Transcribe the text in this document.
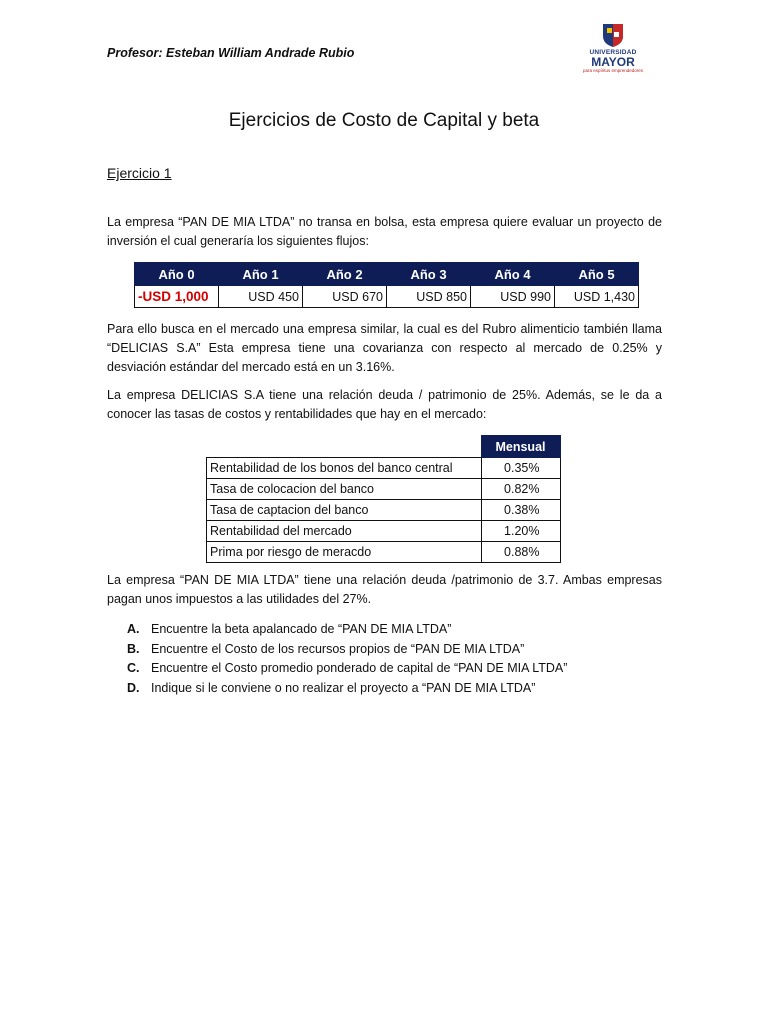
Profesor: Esteban William Andrade Rubio	UNIVERSIDAD
MAYOR
para espíritus emprendedores
Ejercicios de Costo de Capital y beta
Ejercicio 1
La empresa “PAN DE MIA LTDA” no transa en bolsa, esta empresa quiere evaluar un proyecto de inversión el cual generaría los siguientes flujos:
Año 0	Año 1	Año 2	Año 3	Año 4	Año 5
-USD 1,000	USD 450	USD 670	USD 850	USD 990	USD 1,430
Para ello busca en el mercado una empresa similar, la cual es del Rubro alimenticio también llama “DELICIAS S.A” Esta empresa tiene una covarianza con respecto al mercado de 0.25% y desviación estándar del mercado está en un 3.16%.
La empresa DELICIAS S.A tiene una relación deuda / patrimonio de 25%. Además, se le da a conocer las tasas de costos y rentabilidades que hay en el mercado:
	Mensual
Rentabilidad de los bonos del banco central	0.35%
Tasa de colocacion del banco	0.82%
Tasa de captacion del banco	0.38%
Rentabilidad del mercado	1.20%
Prima por riesgo de meracdo	0.88%
La empresa “PAN DE MIA LTDA” tiene una relación deuda /patrimonio de 3.7. Ambas empresas pagan unos impuestos a las utilidades del 27%.
A. Encuentre la beta apalancado de “PAN DE MIA LTDA”
B. Encuentre el Costo de los recursos propios de “PAN DE MIA LTDA”
C. Encuentre el Costo promedio ponderado de capital de “PAN DE MIA LTDA”
D. Indique si le conviene o no realizar el proyecto a “PAN DE MIA LTDA”
